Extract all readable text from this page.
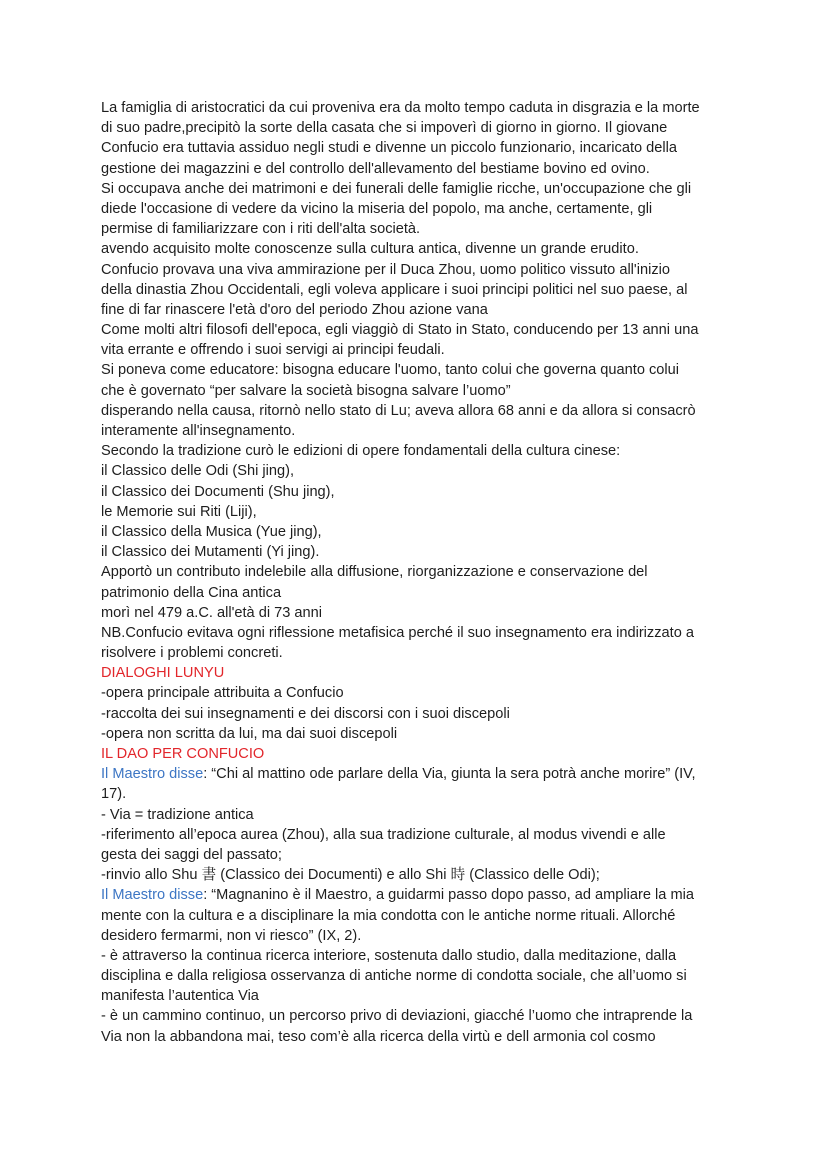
La famiglia di aristocratici da cui proveniva era da molto tempo caduta in disgrazia e la morte
di suo padre,precipitò la sorte della casata che si impoverì di giorno in giorno. Il giovane
Confucio era tuttavia assiduo negli studi e divenne un piccolo funzionario, incaricato della
gestione dei magazzini e del controllo dell'allevamento del bestiame bovino ed ovino.
Si occupava anche dei matrimoni e dei funerali delle famiglie ricche, un'occupazione che gli
diede l'occasione di vedere da vicino la miseria del popolo, ma anche, certamente, gli
permise di familiarizzare con i riti dell'alta società.
avendo acquisito molte conoscenze sulla cultura antica, divenne un grande erudito.
Confucio provava una viva ammirazione per il Duca Zhou, uomo politico vissuto all'inizio
della dinastia Zhou Occidentali, egli voleva applicare i suoi principi politici nel suo paese, al
fine di far rinascere l'età d'oro del periodo Zhou azione vana
Come molti altri filosofi dell'epoca, egli viaggiò di Stato in Stato, conducendo per 13 anni una
vita errante e offrendo i suoi servigi ai principi feudali.
Si poneva come educatore: bisogna educare l'uomo, tanto colui che governa quanto colui
che è governato “per salvare la società bisogna salvare l’uomo”
disperando nella causa, ritornò nello stato di Lu; aveva allora 68 anni e da allora si consacrò
interamente all'insegnamento.
Secondo la tradizione curò le edizioni di opere fondamentali della cultura cinese:
il Classico delle Odi (Shi jing),
il Classico dei Documenti (Shu jing),
le Memorie sui Riti (Liji),
il Classico della Musica (Yue jing),
il Classico dei Mutamenti (Yi jing).
Apportò un contributo indelebile alla diffusione, riorganizzazione e conservazione del
patrimonio della Cina antica
morì nel 479 a.C. all'età di 73 anni
NB.Confucio evitava ogni riflessione metafisica perché il suo insegnamento era indirizzato a
risolvere i problemi concreti.
DIALOGHI LUNYU
-opera principale attribuita a Confucio
-raccolta dei sui insegnamenti e dei discorsi con i suoi discepoli
-opera non scritta da lui, ma dai suoi discepoli
IL DAO PER CONFUCIO
Il Maestro disse: “Chi al mattino ode parlare della Via, giunta la sera potrà anche morire” (IV,
17).
- Via = tradizione antica
-riferimento all’epoca aurea (Zhou), alla sua tradizione culturale, al modus vivendi e alle
gesta dei saggi del passato;
-rinvio allo Shu 書 (Classico dei Documenti) e allo Shi 時 (Classico delle Odi);
Il Maestro disse: “Magnanino è il Maestro, a guidarmi passo dopo passo, ad ampliare la mia
mente con la cultura e a disciplinare la mia condotta con le antiche norme rituali. Allorché
desidero fermarmi, non vi riesco” (IX, 2).
- è attraverso la continua ricerca interiore, sostenuta dallo studio, dalla meditazione, dalla
disciplina e dalla religiosa osservanza di antiche norme di condotta sociale, che all’uomo si
manifesta l’autentica Via
- è un cammino continuo, un percorso privo di deviazioni, giacché l’uomo che intraprende la
Via non la abbandona mai, teso com’è alla ricerca della virtù e dell armonia col cosmo
